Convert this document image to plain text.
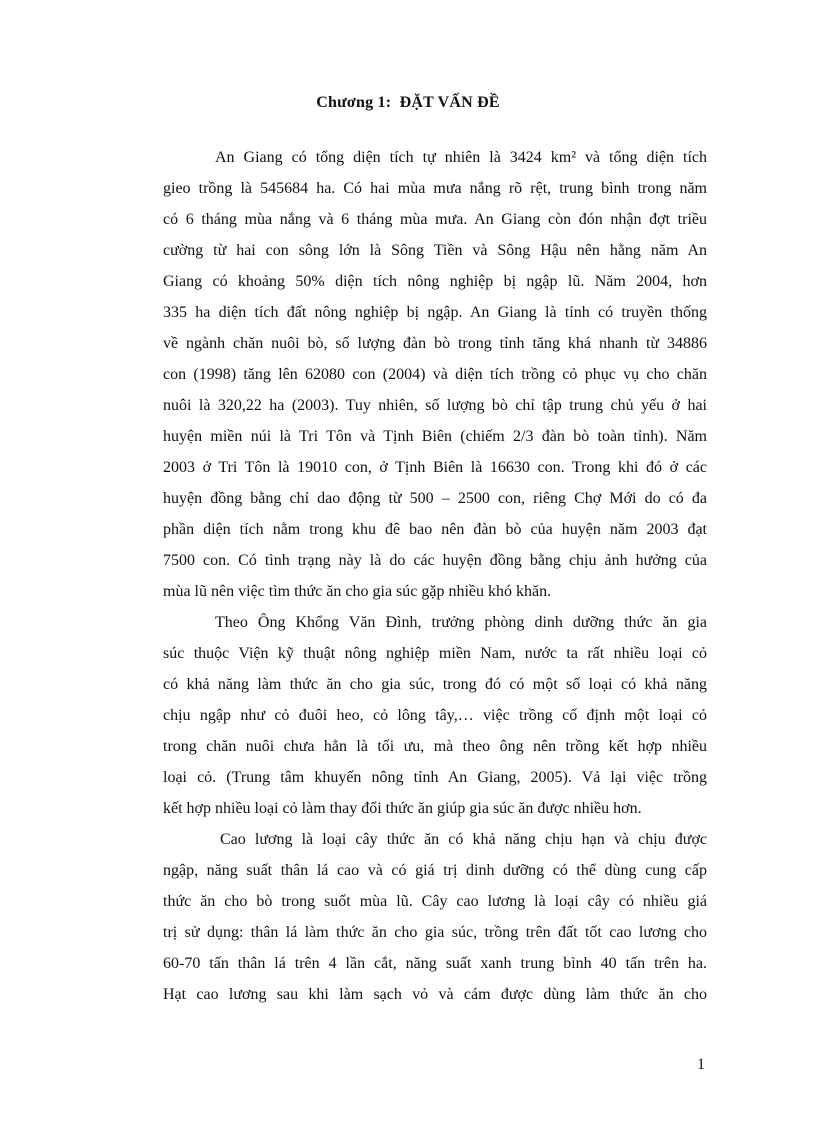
Chương 1:  ĐẶT VẤN ĐỀ

An Giang có tổng diện tích tự nhiên là 3424 km² và tổng diện tích

gieo trồng là 545684 ha. Có hai mùa mưa nắng rõ rệt, trung bình trong năm

có 6 tháng mùa nắng và 6 tháng mùa mưa. An Giang còn đón nhận đợt triều

cường từ hai con sông lớn là Sông Tiền và Sông Hậu nên hằng năm An

Giang có khoảng 50% diện tích nông nghiệp bị ngập lũ. Năm 2004, hơn

335 ha diện tích đất nông nghiệp bị ngập. An Giang là tỉnh có truyền thống

về ngành chăn nuôi bò, số lượng đàn bò trong tỉnh tăng khá nhanh từ 34886

con (1998) tăng lên 62080 con (2004) và diện tích trồng cỏ phục vụ cho chăn

nuôi là 320,22 ha (2003). Tuy nhiên, số lượng bò chỉ tập trung chủ yếu ở hai

huyện miền núi là Tri Tôn và Tịnh Biên (chiếm 2/3 đàn bò toàn tỉnh). Năm

2003 ở Tri Tôn là 19010 con, ở Tịnh Biên là 16630 con. Trong khi đó ở các

huyện đồng bằng chỉ dao động từ 500 – 2500 con, riêng Chợ Mới do có đa

phần diện tích nằm trong khu đê bao nên đàn bò của huyện năm 2003 đạt

7500 con. Có tình trạng này là do các huyện đồng bằng chịu ảnh hưởng của

mùa lũ nên việc tìm thức ăn cho gia súc gặp nhiều khó khăn.

Theo Ông Khổng Văn Đình, trưởng phòng dinh dưỡng thức ăn gia

súc thuộc Viện kỹ thuật nông nghiệp miền Nam, nước ta rất nhiều loại cỏ

có khả năng làm thức ăn cho gia súc, trong đó có một số loại có khả năng

chịu ngập như cỏ đuôi heo, cỏ lông tây,… việc trồng cố định một loại cỏ

trong chăn nuôi chưa hẳn là tối ưu, mà theo ông nên trồng kết hợp nhiều

loại cỏ. (Trung tâm khuyến nông tỉnh An Giang, 2005). Vả lại việc trồng

kết hợp nhiều loại cỏ làm thay đổi thức ăn giúp gia súc ăn được nhiều hơn.

Cao lương là loại cây thức ăn có khả năng chịu hạn và chịu được

ngập, năng suất thân lá cao và có giá trị dinh dưỡng có thể dùng cung cấp

thức ăn cho bò trong suốt mùa lũ. Cây cao lương là loại cây có nhiều giá

trị sử dụng: thân lá làm thức ăn cho gia súc, trồng trên đất tốt cao lương cho

60-70 tấn thân lá trên 4 lần cắt, năng suất xanh trung bình 40 tấn trên ha.

Hạt cao lương sau khi làm sạch vỏ và cám được dùng làm thức ăn cho

1
